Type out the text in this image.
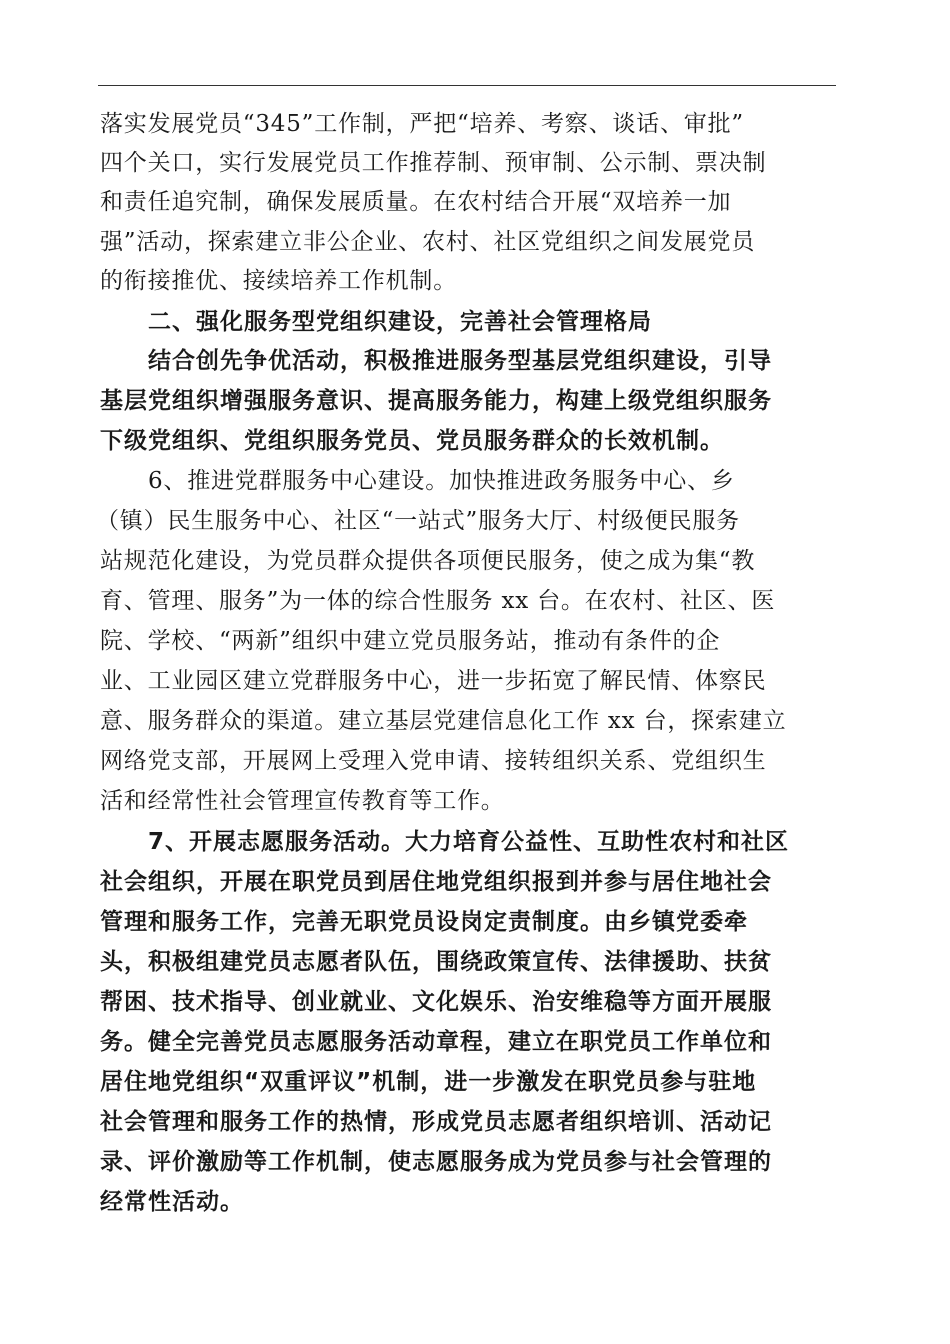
落实发展党员“345”工作制，严把“培养、考察、谈话、审批”
四个关口，实行发展党员工作推荐制、预审制、公示制、票决制
和责任追究制，确保发展质量。在农村结合开展“双培养一加
强”活动，探索建立非公企业、农村、社区党组织之间发展党员
的衔接推优、接续培养工作机制。
二、强化服务型党组织建设，完善社会管理格局
结合创先争优活动，积极推进服务型基层党组织建设，引导
基层党组织增强服务意识、提高服务能力，构建上级党组织服务
下级党组织、党组织服务党员、党员服务群众的长效机制。
6、推进党群服务中心建设。加快推进政务服务中心、乡
（镇）民生服务中心、社区“一站式”服务大厅、村级便民服务
站规范化建设，为党员群众提供各项便民服务，使之成为集“教
育、管理、服务”为一体的综合性服务 xx 台。在农村、社区、医
院、学校、“两新”组织中建立党员服务站，推动有条件的企
业、工业园区建立党群服务中心，进一步拓宽了解民情、体察民
意、服务群众的渠道。建立基层党建信息化工作 xx 台，探索建立
网络党支部，开展网上受理入党申请、接转组织关系、党组织生
活和经常性社会管理宣传教育等工作。
7、开展志愿服务活动。大力培育公益性、互助性农村和社区
社会组织，开展在职党员到居住地党组织报到并参与居住地社会
管理和服务工作，完善无职党员设岗定责制度。由乡镇党委牵
头，积极组建党员志愿者队伍，围绕政策宣传、法律援助、扶贫
帮困、技术指导、创业就业、文化娱乐、治安维稳等方面开展服
务。健全完善党员志愿服务活动章程，建立在职党员工作单位和
居住地党组织“双重评议”机制，进一步激发在职党员参与驻地
社会管理和服务工作的热情，形成党员志愿者组织培训、活动记
录、评价激励等工作机制，使志愿服务成为党员参与社会管理的
经常性活动。
